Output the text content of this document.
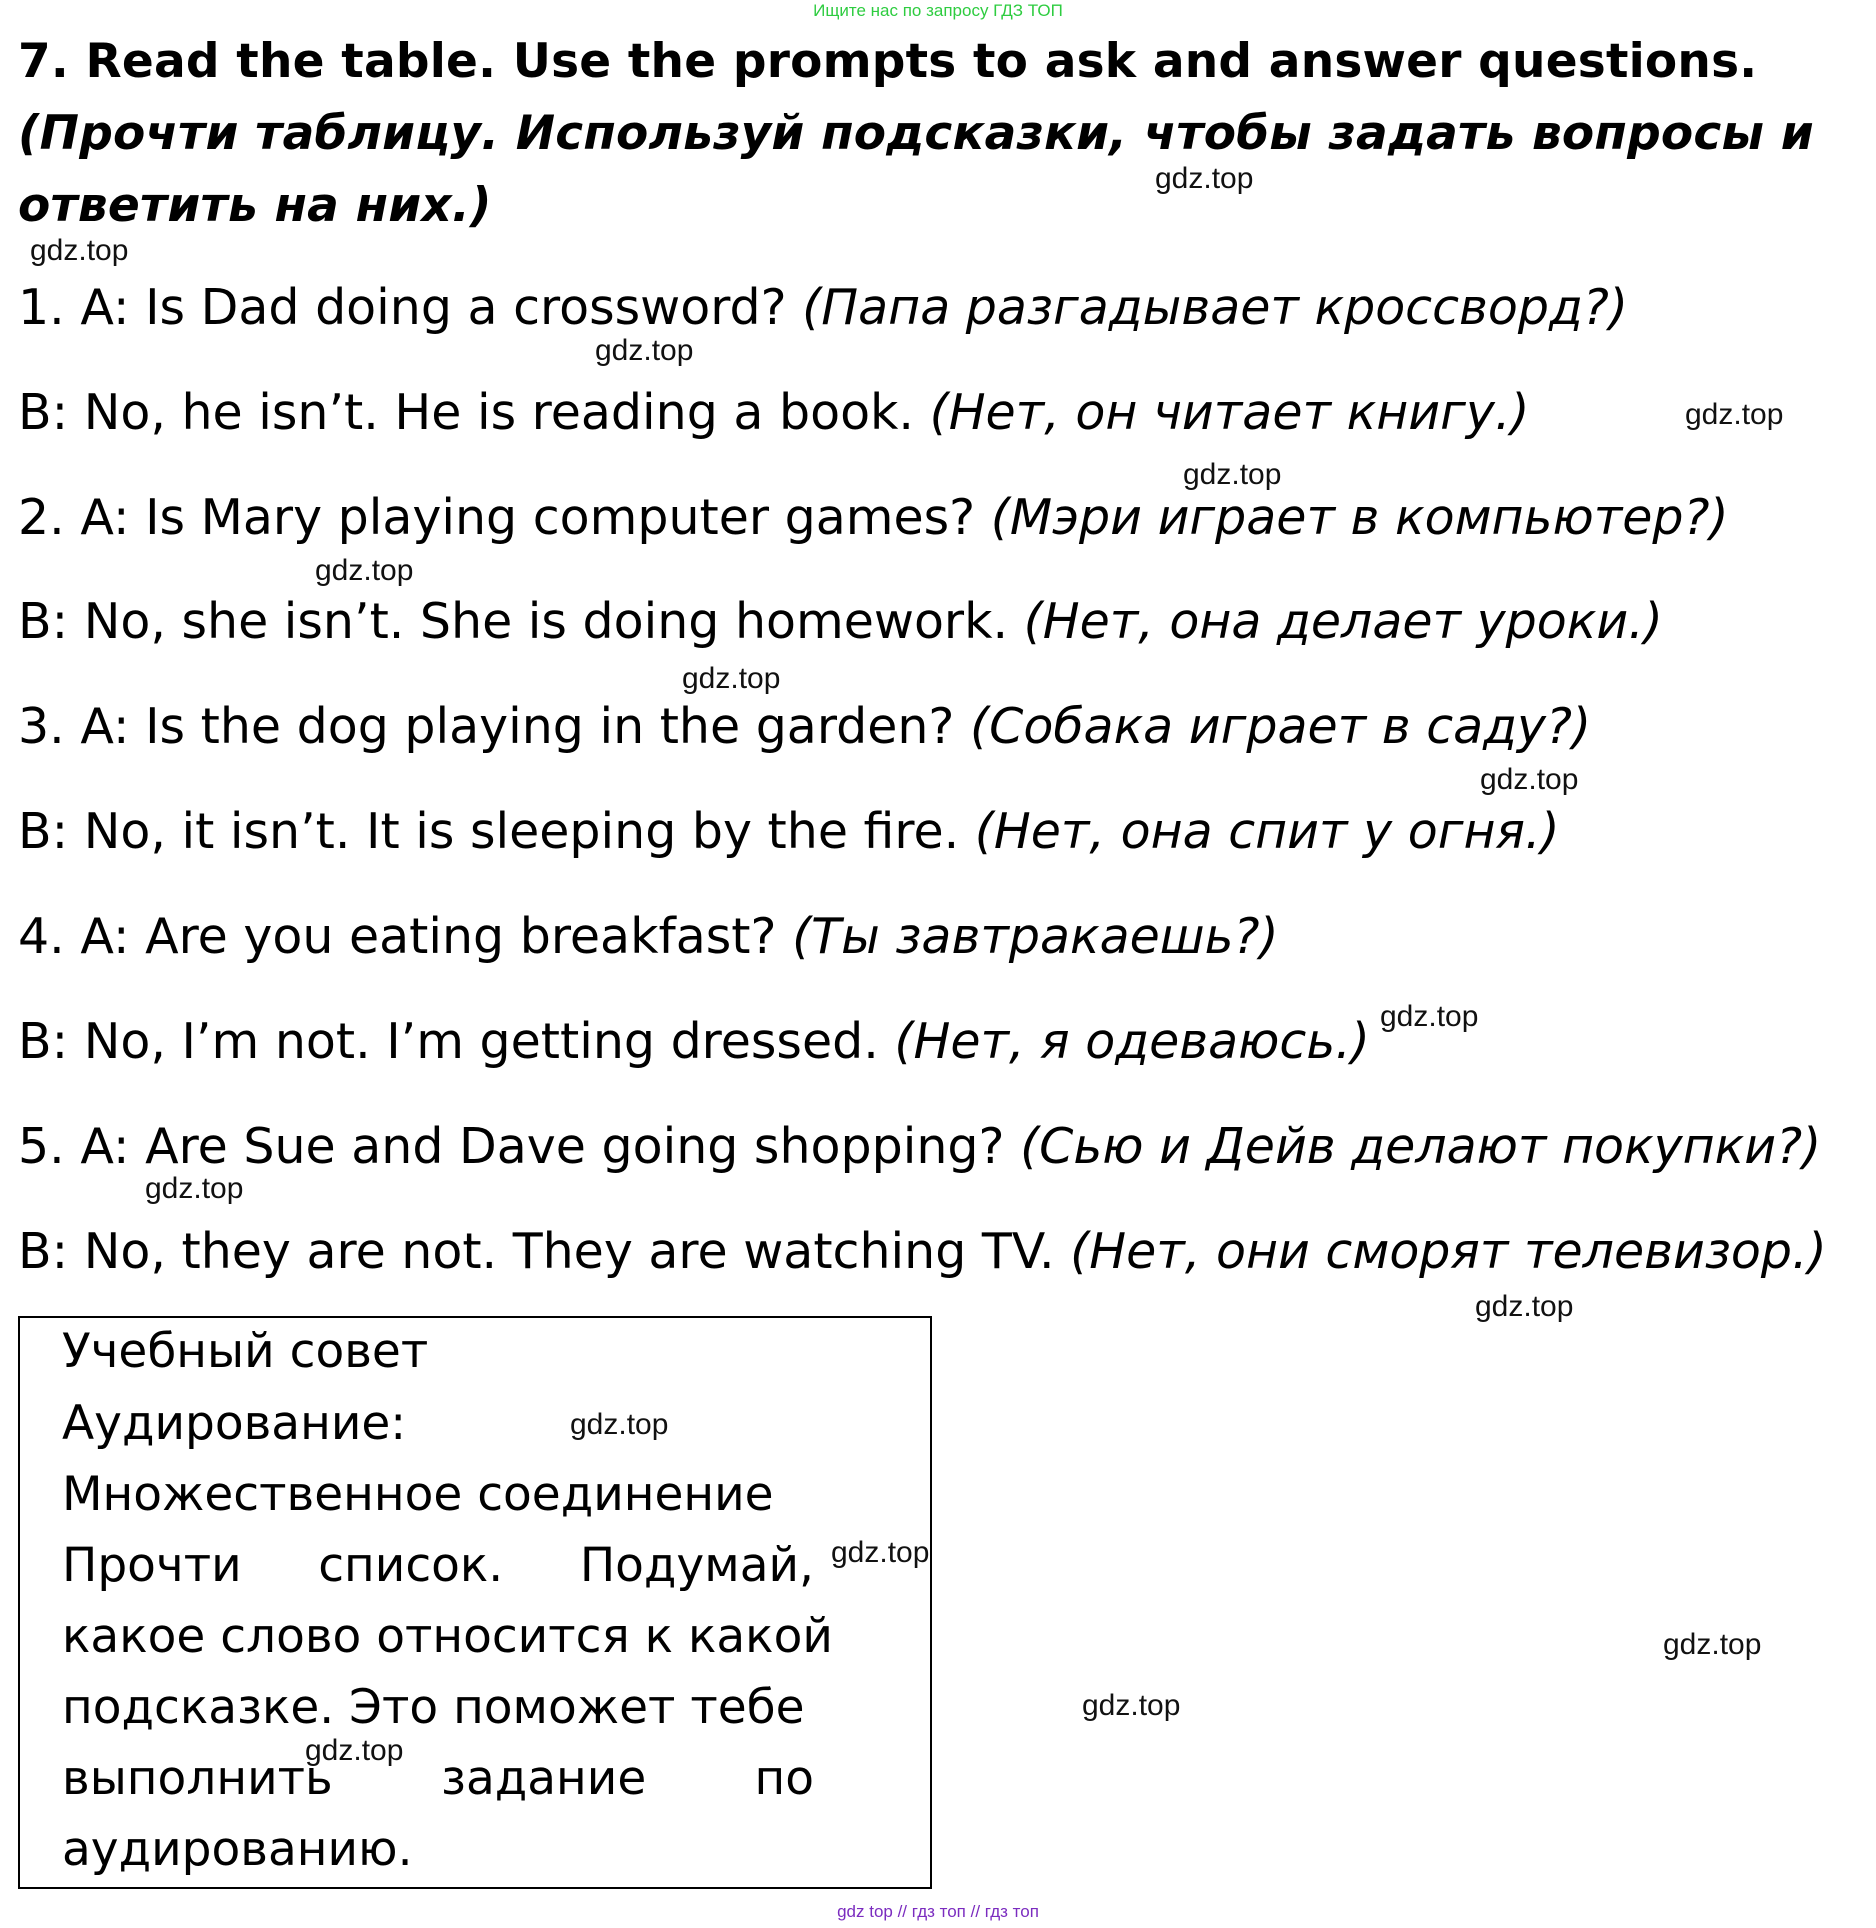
Ищите нас по запросу ГДЗ ТОП
7. Read the table. Use the prompts to ask and answer questions. (Прочти таблицу. Используй подсказки, чтобы задать вопросы и ответить на них.)
1. A: Is Dad doing a crossword? (Папа разгадывает кроссворд?)
B: No, he isn’t. He is reading a book. (Нет, он читает книгу.)
2. A: Is Mary playing computer games? (Мэри играет в компьютер?)
B: No, she isn’t. She is doing homework. (Нет, она делает уроки.)
3. A: Is the dog playing in the garden? (Собака играет в саду?)
B: No, it isn’t. It is sleeping by the fire. (Нет, она спит у огня.)
4. A: Are you eating breakfast? (Ты завтракаешь?)
B: No, I’m not. I’m getting dressed. (Нет, я одеваюсь.)
5. A: Are Sue and Dave going shopping? (Сью и Дейв делают покупки?)
B: No, they are not. They are watching TV. (Нет, они сморят телевизор.)
Учебный совет
Аудирование:
Множественное соединение
Прочти список. Подумай,
какое слово относится к какой
подсказке. Это поможет тебе
выполнить задание по
аудированию.
gdz.top
gdz.top
gdz.top
gdz.top
gdz.top
gdz.top
gdz.top
gdz.top
gdz.top
gdz.top
gdz.top
gdz.top
gdz.top
gdz.top
gdz.top
gdz.top
gdz top // гдз топ // гдз топ
